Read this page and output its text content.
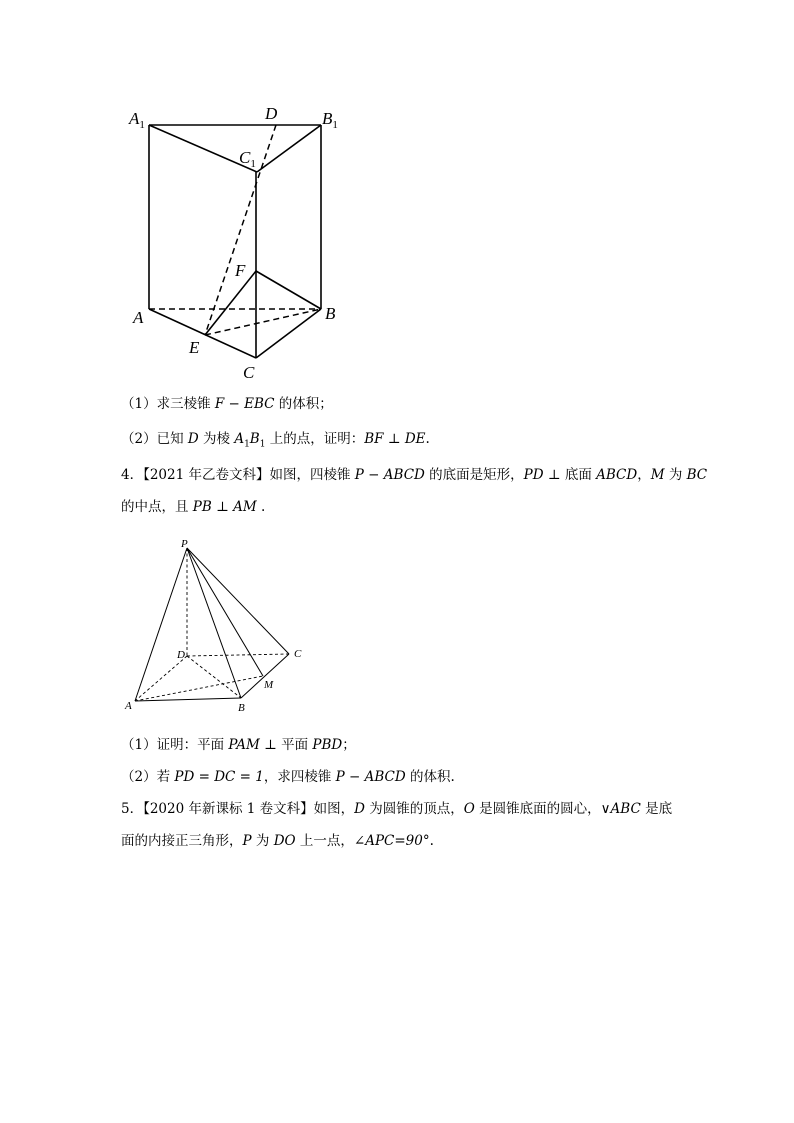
$A_1$
D	$B_1$
$C_1$
F
A	B
E
C
（1）求三棱锥 F − EBC 的体积；
（2）已知 D 为棱 $A_1B_1$ 上的点，证明：BF ⊥ DE.
4．【2021 年乙卷文科】如图，四棱锥 P − ABCD 的底面是矩形，PD ⊥ 底面 ABCD，M 为 BC
的中点，且 PB ⊥ AM .
P
D	C
M
A	B
（1）证明：平面 PAM ⊥ 平面 PBD；
（2）若 PD = DC = 1，求四棱锥 P − ABCD 的体积.
5．【2020 年新课标 1 卷文科】如图，D 为圆锥的顶点，O 是圆锥底面的圆心，∨ABC 是底
面的内接正三角形，P 为 DO 上一点，∠APC=90°.
